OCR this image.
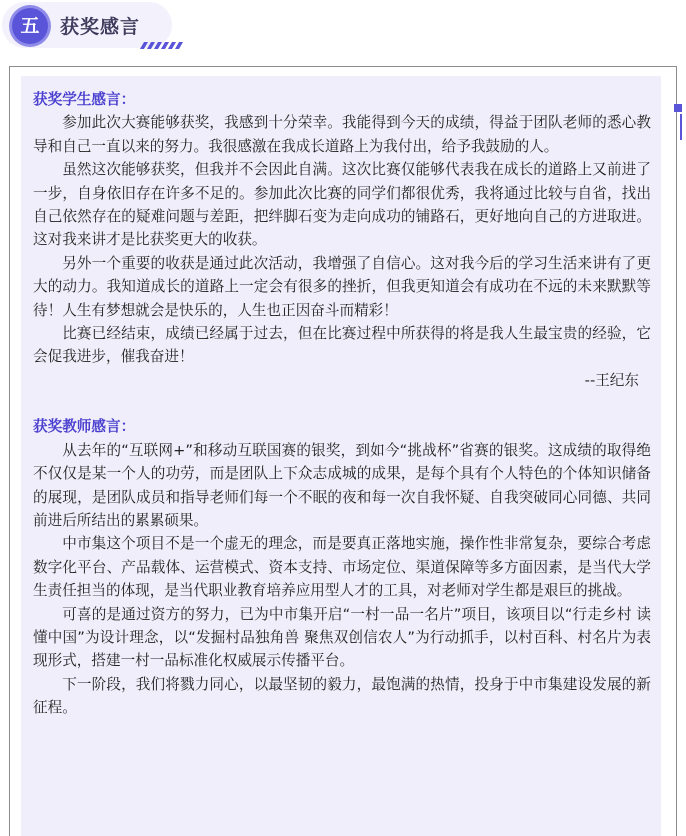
五	获奖感言

获奖学生感言：

参加此次大赛能够获奖，我感到十分荣幸。我能得到今天的成绩，得益于团队老师的悉心教导和自己一直以来的努力。我很感激在我成长道路上为我付出，给予我鼓励的人。

虽然这次能够获奖，但我并不会因此自满。这次比赛仅能够代表我在成长的道路上又前进了一步，自身依旧存在许多不足的。参加此次比赛的同学们都很优秀，我将通过比较与自省，找出自己依然存在的疑难问题与差距，把绊脚石变为走向成功的铺路石，更好地向自己的方进取进。这对我来讲才是比获奖更大的收获。

另外一个重要的收获是通过此次活动，我增强了自信心。这对我今后的学习生活来讲有了更大的动力。我知道成长的道路上一定会有很多的挫折，但我更知道会有成功在不远的未来默默等待！人生有梦想就会是快乐的，人生也正因奋斗而精彩！

比赛已经结束，成绩已经属于过去，但在比赛过程中所获得的将是我人生最宝贵的经验，它会促我进步，催我奋进！

--王纪东

获奖教师感言：

从去年的“互联网+”和移动互联国赛的银奖，到如今“挑战杯”省赛的银奖。这成绩的取得绝不仅仅是某一个人的功劳，而是团队上下众志成城的成果，是每个具有个人特色的个体知识储备的展现，是团队成员和指导老师们每一个不眠的夜和每一次自我怀疑、自我突破同心同德、共同前进后所结出的累累硕果。

中市集这个项目不是一个虚无的理念，而是要真正落地实施，操作性非常复杂，要综合考虑数字化平台、产品载体、运营模式、资本支持、市场定位、渠道保障等多方面因素，是当代大学生责任担当的体现，是当代职业教育培养应用型人才的工具，对老师对学生都是艰巨的挑战。

可喜的是通过资方的努力，已为中市集开启“一村一品一名片”项目，该项目以“行走乡村 读懂中国”为设计理念，以“发掘村品独角兽 聚焦双创信农人”为行动抓手，以村百科、村名片为表现形式，搭建一村一品标准化权威展示传播平台。

下一阶段，我们将戮力同心，以最坚韧的毅力，最饱满的热情，投身于中市集建设发展的新征程。
